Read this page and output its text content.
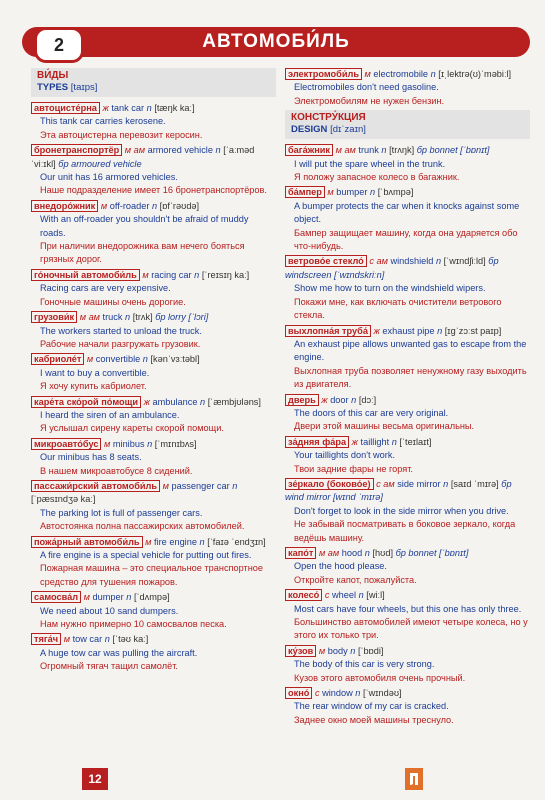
АВТОМОБИ́ЛЬ
2
ВИ́ДЫ
TYPES [taɪps]
автоцисте́рна ж tank car n [tæŋk kaː]
This tank car carries kerosene.
Эта автоцистерна перевозит керосин.
бронетранспортёр м ам armored vehicle n [ˈaːməd ˈviːɪkl] бр armoured vehicle
Our unit has 16 armored vehicles.
Наше подразделение имеет 16 бронетранспортёров.
внедоро́жник м off-roader n [ɒfˈrəʊdə]
With an off-roader you shouldn't be afraid of muddy roads.
При наличии внедорожника вам нечего бояться грязных дорог.
го́ночный автомоби́ль м racing car n [ˈreɪsɪŋ kaː]
Racing cars are very expensive.
Гоночные машины очень дорогие.
грузови́к м ам truck n [trʌk] бр lorry [ˈlɔri]
The workers started to unload the truck.
Рабочие начали разгружать грузовик.
кабриоле́т м convertible n [kənˈvɜːtəbl]
I want to buy a convertible.
Я хочу купить кабриолет.
каре́та ско́рой по́мощи ж ambulance n [ˈæmbjʊləns]
I heard the siren of an ambulance.
Я услышал сирену кареты скорой помощи.
микроавто́бус м minibus n [ˈmɪnɪbʌs]
Our minibus has 8 seats.
В нашем микроавтобусе 8 сидений.
пассажи́рский автомоби́ль м passenger car n [ˈpæsɪndʒə kaː]
The parking lot is full of passenger cars.
Автостоянка полна пассажирских автомобилей.
пожа́рный автомоби́ль м fire engine n [ˈfaɪə ˈendʒɪn]
A fire engine is a special vehicle for putting out fires.
Пожарная машина – это специальное транспортное средство для тушения пожаров.
самосва́л м dumper n [ˈdʌmpə]
We need about 10 sand dumpers.
Нам нужно примерно 10 самосвалов песка.
тяга́ч м tow car n [ˈtəʊ kaː]
A huge tow car was pulling the aircraft.
Огромный тягач тащил самолёт.
электромоби́ль м electromobile n [ɪˌlektrə(ʊ)ˈməbiːl]
Electromobiles don't need gasoline.
Электромобилям не нужен бензин.
КОНСТРУ́КЦИЯ
DESIGN [dɪˈzaɪn]
бага́жник м ам trunk n [trʌŋk] бр bonnet [ˈbɒnɪt]
I will put the spare wheel in the trunk.
Я положу запасное колесо в багажник.
ба́мпер м bumper n [ˈbʌmpə]
A bumper protects the car when it knocks against some object.
Бампер защищает машину, когда она ударяется обо что-нибудь.
ветрово́е стекло́ с ам windshield n [ˈwɪndʃiːld] бр windscreen [ˈwɪndskriːn]
Show me how to turn on the windshield wipers.
Покажи мне, как включать очистители ветрового стекла.
выхлопна́я труба́ ж exhaust pipe n [ɪgˈzɔːst paɪp]
An exhaust pipe allows unwanted gas to escape from the engine.
Выхлопная труба позволяет ненужному газу выходить из двигателя.
дверь ж door n [dɔː]
The doors of this car are very original.
Двери этой машины весьма оригинальны.
за́дняя фа́ра ж taillight n [ˈteɪlaɪt]
Your taillights don't work.
Твои задние фары не горят.
зе́ркало (боково́е) с ам side mirror n [saɪd ˈmɪrə] бр wind mirror [wɪnd ˈmɪrə]
Don't forget to look in the side mirror when you drive.
Не забывай посматривать в боковое зеркало, когда ведёшь машину.
капо́т м ам hood n [hʊd] бр bonnet [ˈbɒnɪt]
Open the hood please.
Откройте капот, пожалуйста.
колесо́ с wheel n [wiːl]
Most cars have four wheels, but this one has only three.
Большинство автомобилей имеют четыре колеса, но у этого их только три.
ку́зов м body n [ˈbɒdi]
The body of this car is very strong.
Кузов этого автомобиля очень прочный.
окно́ с window n [ˈwɪndəʊ]
The rear window of my car is cracked.
Заднее окно моей машины треснуло.
12
